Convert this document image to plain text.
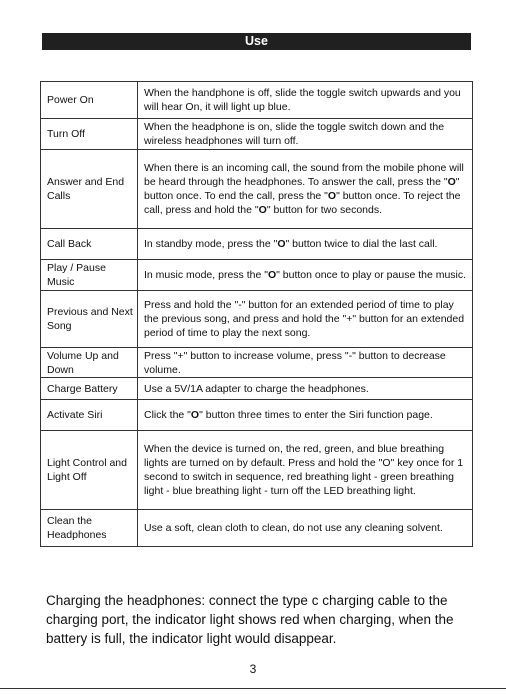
Use
Power On	When the handphone is off, slide the toggle switch upwards and you will hear On, it will light up blue.
Turn Off	When the headphone is on, slide the toggle switch down and the wireless headphones will turn off.
Answer and End Calls	When there is an incoming call, the sound from the mobile phone will be heard through the headphones. To answer the call, press the "O" button once. To end the call, press the "O" button once. To reject the call, press and hold the "O" button for two seconds.
Call Back	In standby mode, press the "O" button twice to dial the last call.
Play / Pause Music	In music mode, press the "O" button once to play or pause the music.
Previous and Next Song	Press and hold the "-" button for an extended period of time to play the previous song, and press and hold the "+" button for an extended period of time to play the next song.
Volume Up and Down	Press "+" button to increase volume, press "-" button to decrease volume.
Charge Battery	Use a 5V/1A adapter to charge the headphones.
Activate Siri	Click the "O" button three times to enter the Siri function page.
Light Control and Light Off	When the device is turned on, the red, green, and blue breathing lights are turned on by default. Press and hold the "O" key once for 1 second to switch in sequence, red breathing light - green breathing light - blue breathing light - turn off the LED breathing light.
Clean the Headphones	Use a soft, clean cloth to clean, do not use any cleaning solvent.
Charging the headphones: connect the type c charging cable to the charging port, the indicator light shows red when charging, when the battery is full, the indicator light would disappear.
3
